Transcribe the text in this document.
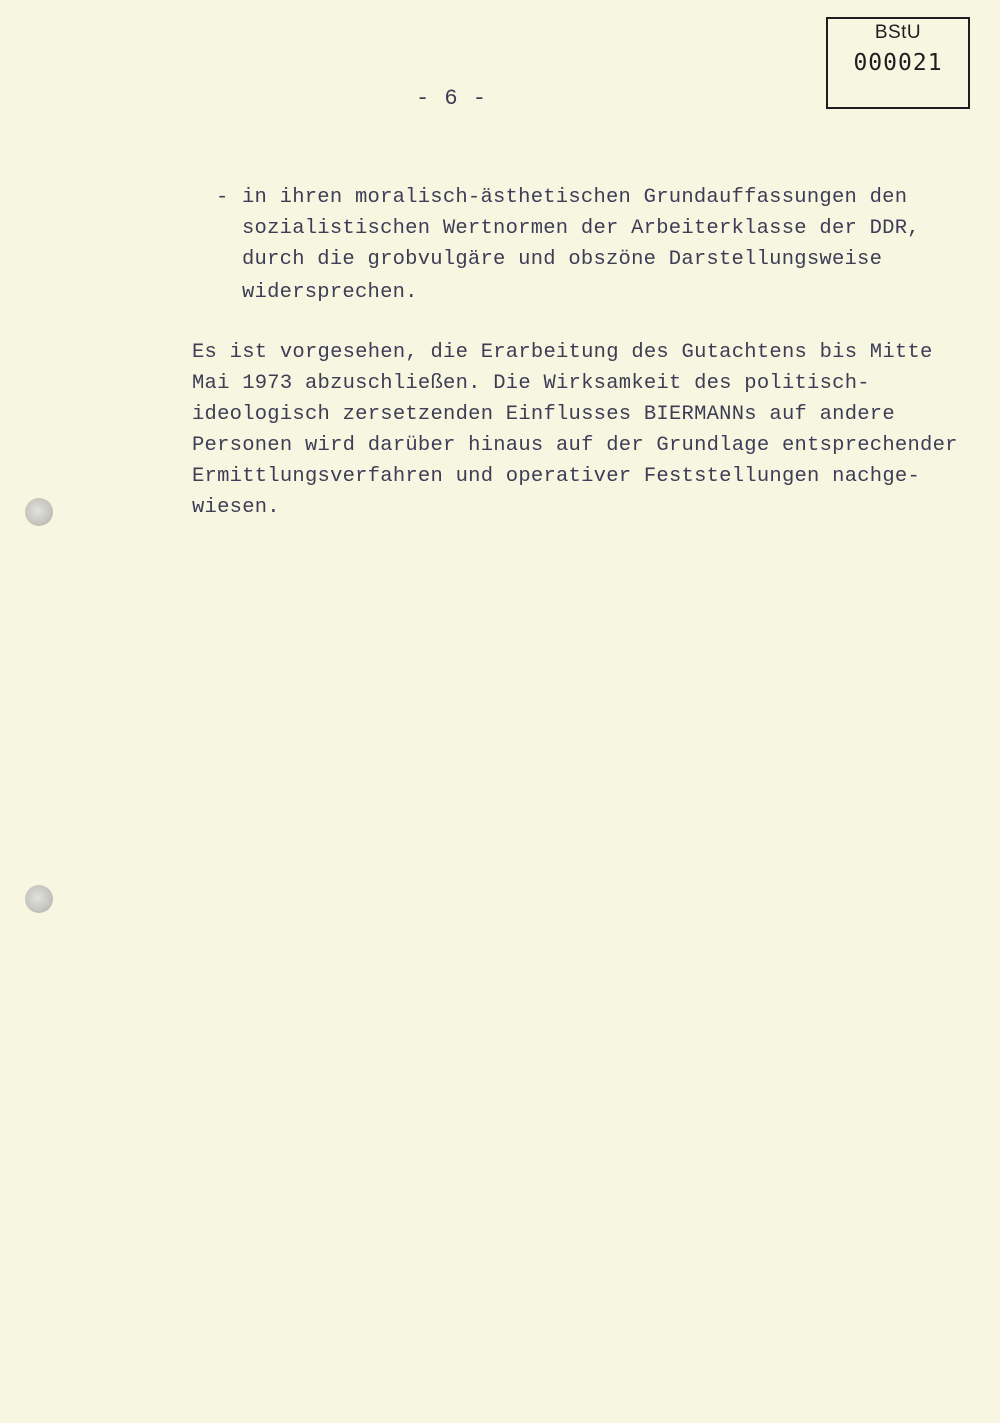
BStU
000021
- 6 -
- in ihren moralisch-ästhetischen Grundauffassungen den
sozialistischen Wertnormen der Arbeiterklasse der DDR,
durch die grobvulgäre und obszöne Darstellungsweise
widersprechen.
Es ist vorgesehen, die Erarbeitung des Gutachtens bis Mitte
Mai 1973 abzuschließen. Die Wirksamkeit des politisch-
ideologisch zersetzenden Einflusses BIERMANNs auf andere
Personen wird darüber hinaus auf der Grundlage entsprechender
Ermittlungsverfahren und operativer Feststellungen nachge-
wiesen.
